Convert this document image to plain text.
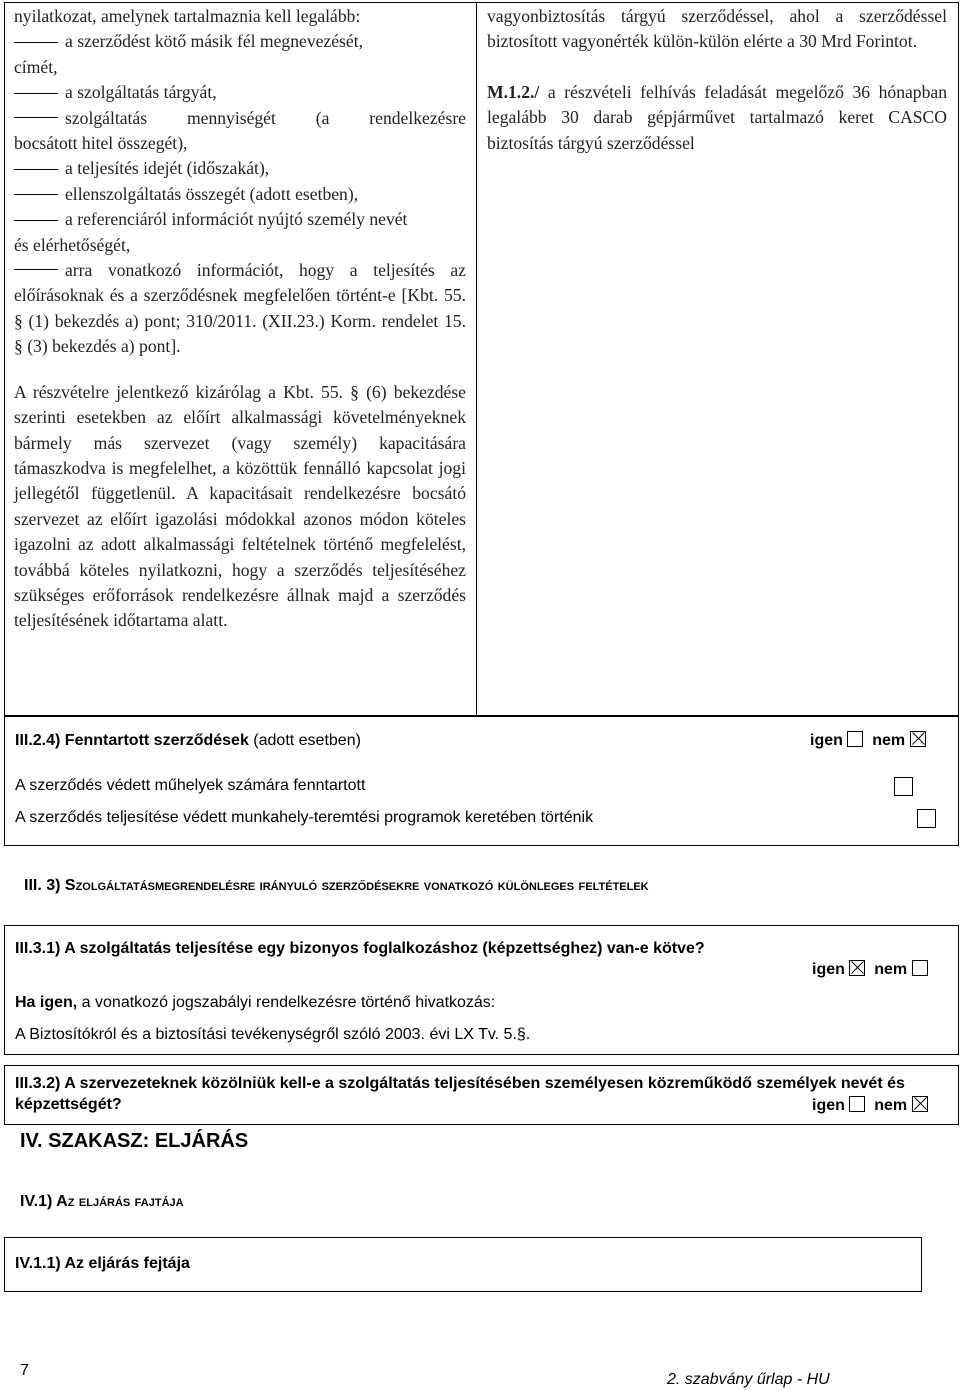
nyilatkozat, amelynek tartalmaznia kell legalább:
a szerződést kötő másik fél megnevezését,
címét,
a szolgáltatás tárgyát,
szolgáltatás mennyiségét (a rendelkezésre
bocsátott hitel összegét),
a teljesítés idejét (időszakát),
ellenszolgáltatás összegét (adott esetben),
a referenciáról információt nyújtó személy nevét
és elérhetőségét,
arra vonatkozó információt, hogy a teljesítés az

előírásoknak és a szerződésnek megfelelően történt-e [Kbt. 55. § (1) bekezdés a) pont; 310/2011. (XII.23.) Korm. rendelet 15. § (3) bekezdés a) pont].

A részvételre jelentkező kizárólag a Kbt. 55. § (6) bekezdése szerinti esetekben az előírt alkalmassági követelményeknek bármely más szervezet (vagy személy) kapacitására támaszkodva is megfelelhet, a közöttük fennálló kapcsolat jogi jellegétől függetlenül. A kapacitásait rendelkezésre bocsátó szervezet az előírt igazolási módokkal azonos módon köteles igazolni az adott alkalmassági feltételnek történő megfelelést, továbbá köteles nyilatkozni, hogy a szerződés teljesítéséhez szükséges erőforrások rendelkezésre állnak majd a szerződés teljesítésének időtartama alatt.

vagyonbiztosítás tárgyú szerződéssel, ahol a szerződéssel biztosított vagyonérték külön-külön elérte a 30 Mrd Forintot.

M.1.2./ a részvételi felhívás feladását megelőző 36 hónapban legalább 30 darab gépjárművet tartalmazó keret CASCO biztosítás tárgyú szerződéssel

III.2.4) Fenntartott szerződések (adott esetben)	igen nem
A szerződés védett műhelyek számára fenntartott

A szerződés teljesítése védett munkahely-teremtési programok keretében történik
III. 3) Szolgáltatásmegrendelésre irányuló szerződésekre vonatkozó különleges feltételek
III.3.1) A szolgáltatás teljesítése egy bizonyos foglalkozáshoz (képzettséghez) van-e kötve?
igen nem
Ha igen, a vonatkozó jogszabályi rendelkezésre történő hivatkozás:
A Biztosítókról és a biztosítási tevékenységről szóló 2003. évi LX Tv. 5.§.
III.3.2) A szervezeteknek közölniük kell-e a szolgáltatás teljesítésében személyesen közreműködő személyek nevét és
képzettségét?	igen nem
IV. SZAKASZ: ELJÁRÁS
IV.1) Az eljárás fajtája
IV.1.1) Az eljárás fejtája
7
2. szabvány űrlap - HU
